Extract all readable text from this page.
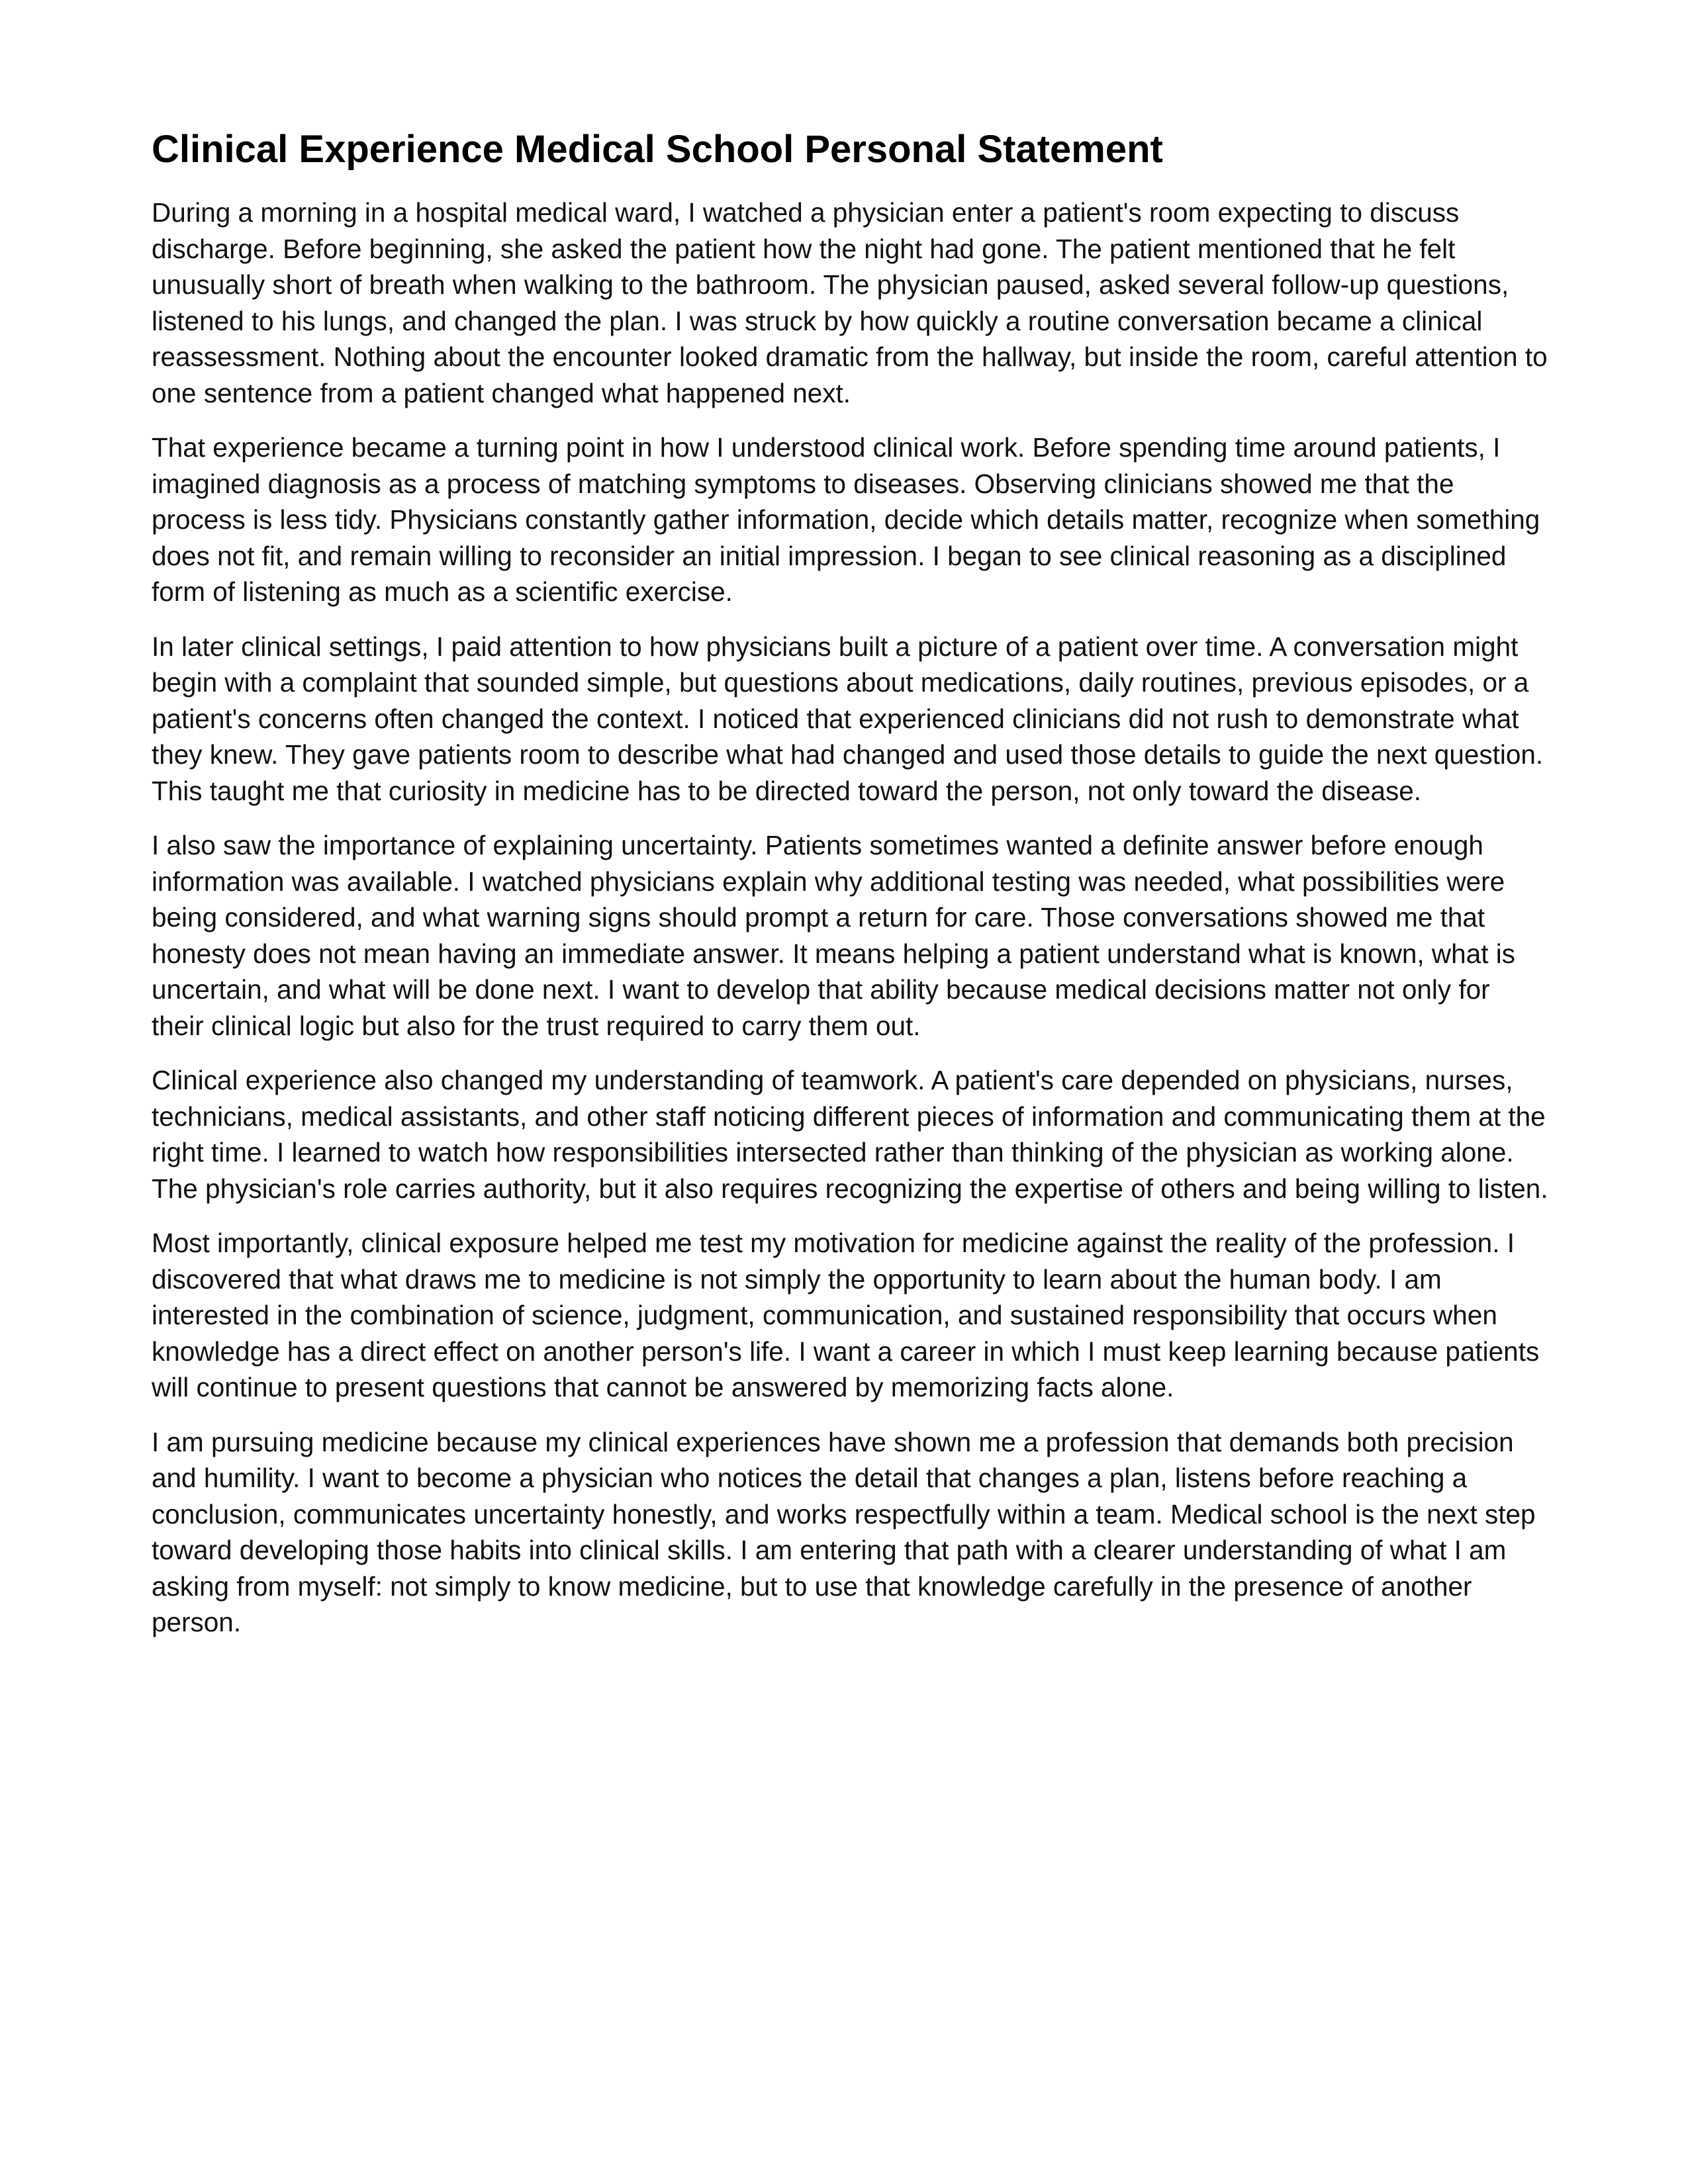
Clinical Experience Medical School Personal Statement

During a morning in a hospital medical ward, I watched a physician enter a patient's room expecting to discuss discharge. Before beginning, she asked the patient how the night had gone. The patient mentioned that he felt unusually short of breath when walking to the bathroom. The physician paused, asked several follow-up questions, listened to his lungs, and changed the plan. I was struck by how quickly a routine conversation became a clinical reassessment. Nothing about the encounter looked dramatic from the hallway, but inside the room, careful attention to one sentence from a patient changed what happened next.

That experience became a turning point in how I understood clinical work. Before spending time around patients, I imagined diagnosis as a process of matching symptoms to diseases. Observing clinicians showed me that the process is less tidy. Physicians constantly gather information, decide which details matter, recognize when something does not fit, and remain willing to reconsider an initial impression. I began to see clinical reasoning as a disciplined form of listening as much as a scientific exercise.

In later clinical settings, I paid attention to how physicians built a picture of a patient over time. A conversation might begin with a complaint that sounded simple, but questions about medications, daily routines, previous episodes, or a patient's concerns often changed the context. I noticed that experienced clinicians did not rush to demonstrate what they knew. They gave patients room to describe what had changed and used those details to guide the next question. This taught me that curiosity in medicine has to be directed toward the person, not only toward the disease.

I also saw the importance of explaining uncertainty. Patients sometimes wanted a definite answer before enough information was available. I watched physicians explain why additional testing was needed, what possibilities were being considered, and what warning signs should prompt a return for care. Those conversations showed me that honesty does not mean having an immediate answer. It means helping a patient understand what is known, what is uncertain, and what will be done next. I want to develop that ability because medical decisions matter not only for their clinical logic but also for the trust required to carry them out.

Clinical experience also changed my understanding of teamwork. A patient's care depended on physicians, nurses, technicians, medical assistants, and other staff noticing different pieces of information and communicating them at the right time. I learned to watch how responsibilities intersected rather than thinking of the physician as working alone. The physician's role carries authority, but it also requires recognizing the expertise of others and being willing to listen.

Most importantly, clinical exposure helped me test my motivation for medicine against the reality of the profession. I discovered that what draws me to medicine is not simply the opportunity to learn about the human body. I am interested in the combination of science, judgment, communication, and sustained responsibility that occurs when knowledge has a direct effect on another person's life. I want a career in which I must keep learning because patients will continue to present questions that cannot be answered by memorizing facts alone.

I am pursuing medicine because my clinical experiences have shown me a profession that demands both precision and humility. I want to become a physician who notices the detail that changes a plan, listens before reaching a conclusion, communicates uncertainty honestly, and works respectfully within a team. Medical school is the next step toward developing those habits into clinical skills. I am entering that path with a clearer understanding of what I am asking from myself: not simply to know medicine, but to use that knowledge carefully in the presence of another person.
